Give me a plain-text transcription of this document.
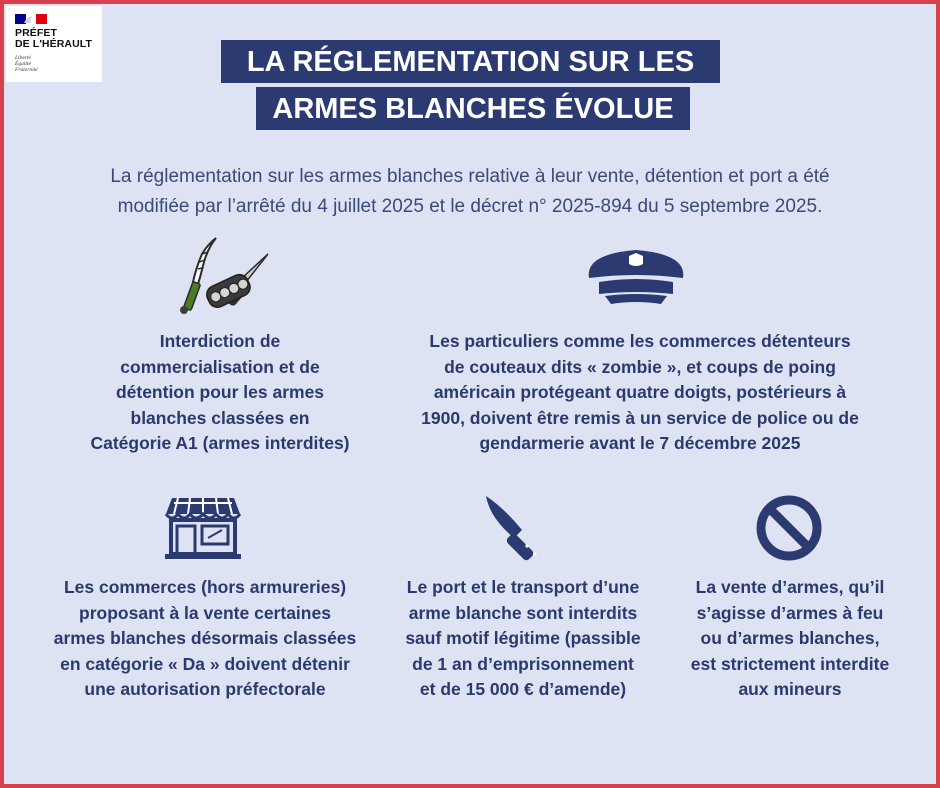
PRÉFET
DE L'HÉRAULT
Liberté
Égalité
Fraternité	LA RÉGLEMENTATION SUR LES
ARMES BLANCHES ÉVOLUE
La réglementation sur les armes blanches relative à leur vente, détention et port a été
modifiée par l’arrêté du 4 juillet 2025 et le décret n° 2025-894 du 5 septembre 2025.
Interdiction de
commercialisation et de
détention pour les armes
blanches classées en
Catégorie A1 (armes interdites)
Les particuliers comme les commerces détenteurs
de couteaux dits « zombie », et coups de poing
américain protégeant quatre doigts, postérieurs à
1900, doivent être remis à un service de police ou de
gendarmerie avant le 7 décembre 2025
Les commerces (hors armureries)
proposant à la vente certaines
armes blanches désormais classées
en catégorie « Da » doivent détenir
une autorisation préfectorale
Le port et le transport d’une
arme blanche sont interdits
sauf motif légitime (passible
de 1 an d’emprisonnement
et de 15 000 € d’amende)
La vente d’armes, qu’il
s’agisse d’armes à feu
ou d’armes blanches,
est strictement interdite
aux mineurs
